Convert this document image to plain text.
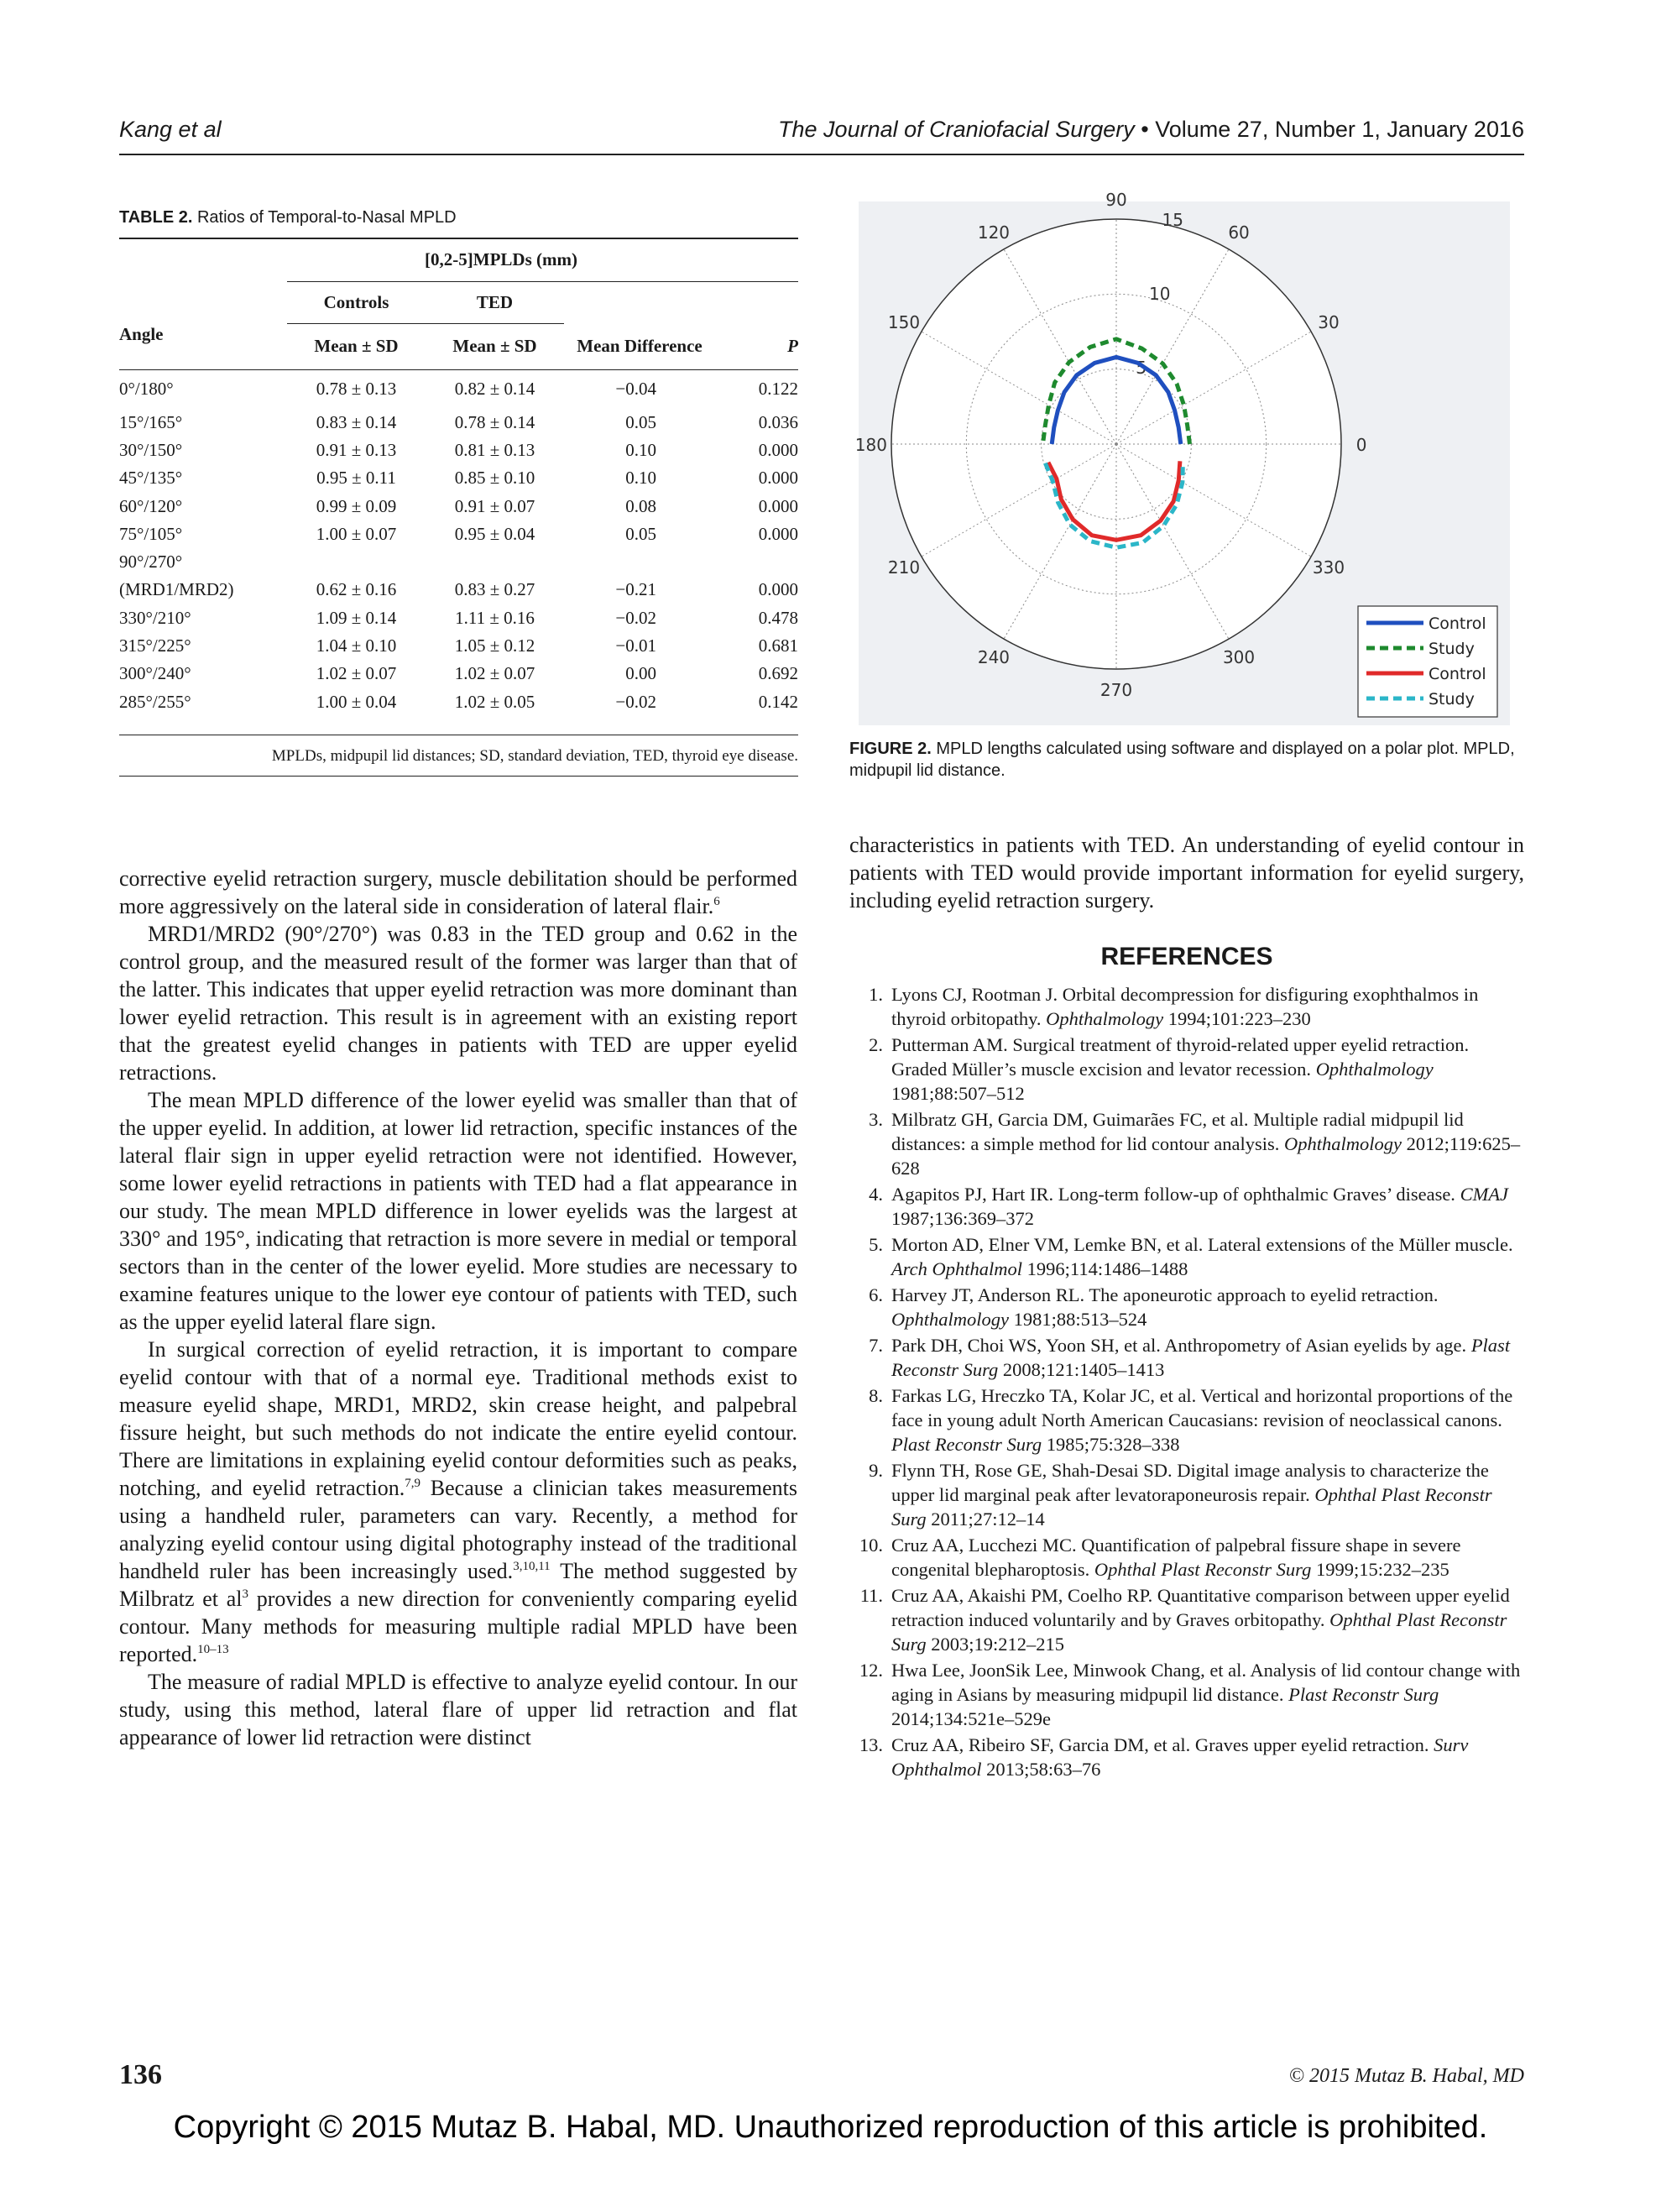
Kang et al	The Journal of Craniofacial Surgery • Volume 27, Number 1, January 2016
TABLE 2. Ratios of Temporal-to-Nasal MPLD
	[0,2-5]MPLDs (mm)			

	Controls	TED		

Angle	Mean ± SD	Mean ± SD	Mean Difference	P

0°/180°	0.78 ± 0.13	0.82 ± 0.14	−0.04	0.122
15°/165°	0.83 ± 0.14	0.78 ± 0.14	0.05	0.036
30°/150°	0.91 ± 0.13	0.81 ± 0.13	0.10	0.000
45°/135°	0.95 ± 0.11	0.85 ± 0.10	0.10	0.000
60°/120°	0.99 ± 0.09	0.91 ± 0.07	0.08	0.000
75°/105°	1.00 ± 0.07	0.95 ± 0.04	0.05	0.000
90°/270°				
(MRD1/MRD2)	0.62 ± 0.16	0.83 ± 0.27	−0.21	0.000
330°/210°	1.09 ± 0.14	1.11 ± 0.16	−0.02	0.478
315°/225°	1.04 ± 0.10	1.05 ± 0.12	−0.01	0.681
300°/240°	1.02 ± 0.07	1.02 ± 0.07	0.00	0.692
285°/255°	1.00 ± 0.04	1.02 ± 0.05	−0.02	0.142

MPLDs, midpupil lid distances; SD, standard deviation, TED, thyroid eye disease.
0
30
60
90
120
150
180
210
240
270
300
330
5
10
15
Control
Study
Control
Study
FIGURE 2. MPLD lengths calculated using software and displayed on a polar plot. MPLD, midpupil lid distance.

corrective eyelid retraction surgery, muscle debilitation should be performed more aggressively on the lateral side in consideration of lateral flair.$^6$

MRD1/MRD2 (90°/270°) was 0.83 in the TED group and 0.62 in the control group, and the measured result of the former was larger than that of the latter. This indicates that upper eyelid retraction was more dominant than lower eyelid retraction. This result is in agreement with an existing report that the greatest eyelid changes in patients with TED are upper eyelid retractions.

The mean MPLD difference of the lower eyelid was smaller than that of the upper eyelid. In addition, at lower lid retraction, specific instances of the lateral flair sign in upper eyelid retraction were not identified. However, some lower eyelid retractions in patients with TED had a flat appearance in our study. The mean MPLD difference in lower eyelids was the largest at 330° and 195°, indicating that retraction is more severe in medial or temporal sectors than in the center of the lower eyelid. More studies are necessary to examine features unique to the lower eye contour of patients with TED, such as the upper eyelid lateral flare sign.

In surgical correction of eyelid retraction, it is important to compare eyelid contour with that of a normal eye. Traditional methods exist to measure eyelid shape, MRD1, MRD2, skin crease height, and palpebral fissure height, but such methods do not indicate the entire eyelid contour. There are limitations in explaining eyelid contour deformities such as peaks, notching, and eyelid retraction.$^{7,9}$ Because a clinician takes measurements using a handheld ruler, parameters can vary. Recently, a method for analyzing eyelid contour using digital photography instead of the traditional handheld ruler has been increasingly used.$^{3,10,11}$ The method suggested by Milbratz et $al^3$ provides a new direction for conveniently comparing eyelid contour. Many methods for measuring multiple radial MPLD have been reported.$^{10-13}$

The measure of radial MPLD is effective to analyze eyelid contour. In our study, using this method, lateral flare of upper lid retraction and flat appearance of lower lid retraction were distinct

characteristics in patients with TED. An understanding of eyelid contour in patients with TED would provide important information for eyelid surgery, including eyelid retraction surgery.

REFERENCES
1. Lyons CJ, Rootman J. Orbital decompression for disfiguring exophthalmos in thyroid orbitopathy. Ophthalmology 1994;101:223–230
2. Putterman AM. Surgical treatment of thyroid-related upper eyelid retraction. Graded Müller’s muscle excision and levator recession. Ophthalmology 1981;88:507–512
3. Milbratz GH, Garcia DM, Guimarães FC, et al. Multiple radial midpupil lid distances: a simple method for lid contour analysis. Ophthalmology 2012;119:625–628
4. Agapitos PJ, Hart IR. Long-term follow-up of ophthalmic Graves’ disease. CMAJ 1987;136:369–372
5. Morton AD, Elner VM, Lemke BN, et al. Lateral extensions of the Müller muscle. Arch Ophthalmol 1996;114:1486–1488
6. Harvey JT, Anderson RL. The aponeurotic approach to eyelid retraction. Ophthalmology 1981;88:513–524
7. Park DH, Choi WS, Yoon SH, et al. Anthropometry of Asian eyelids by age. Plast Reconstr Surg 2008;121:1405–1413
8. Farkas LG, Hreczko TA, Kolar JC, et al. Vertical and horizontal proportions of the face in young adult North American Caucasians: revision of neoclassical canons. Plast Reconstr Surg 1985;75:328–338
9. Flynn TH, Rose GE, Shah-Desai SD. Digital image analysis to characterize the upper lid marginal peak after levatoraponeurosis repair. Ophthal Plast Reconstr Surg 2011;27:12–14
10. Cruz AA, Lucchezi MC. Quantification of palpebral fissure shape in severe congenital blepharoptosis. Ophthal Plast Reconstr Surg 1999;15:232–235
11. Cruz AA, Akaishi PM, Coelho RP. Quantitative comparison between upper eyelid retraction induced voluntarily and by Graves orbitopathy. Ophthal Plast Reconstr Surg 2003;19:212–215
12. Hwa Lee, JoonSik Lee, Minwook Chang, et al. Analysis of lid contour change with aging in Asians by measuring midpupil lid distance. Plast Reconstr Surg 2014;134:521e–529e
13. Cruz AA, Ribeiro SF, Garcia DM, et al. Graves upper eyelid retraction. Surv Ophthalmol 2013;58:63–76
136	© 2015 Mutaz B. Habal, MD
Copyright © 2015 Mutaz B. Habal, MD. Unauthorized reproduction of this article is prohibited.
